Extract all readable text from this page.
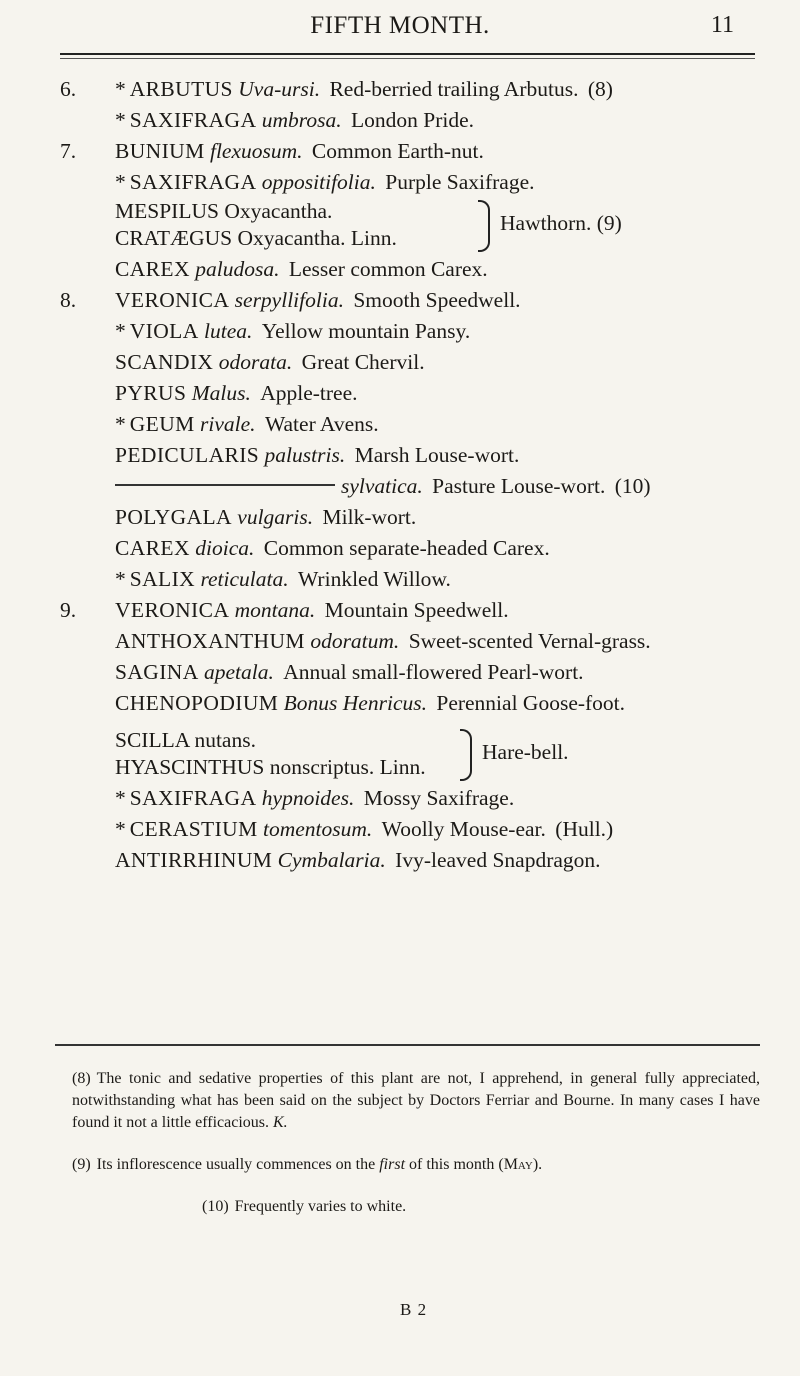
FIFTH MONTH.	11
6.	* ARBUTUS Uva-ursi. Red-berried trailing Arbutus. (8)
* SAXIFRAGA umbrosa. London Pride.
7.	BUNIUM flexuosum. Common Earth-nut.
* SAXIFRAGA oppositifolia. Purple Saxifrage.
MESPILUS Oxyacantha.
CRATÆGUS Oxyacantha. Linn.
Hawthorn. (9)
CAREX paludosa. Lesser common Carex.
8.	VERONICA serpyllifolia. Smooth Speedwell.
* VIOLA lutea. Yellow mountain Pansy.
SCANDIX odorata. Great Chervil.
PYRUS Malus. Apple-tree.
* GEUM rivale. Water Avens.
PEDICULARIS palustris. Marsh Louse-wort.
sylvatica. Pasture Louse-wort. (10)
POLYGALA vulgaris. Milk-wort.
CAREX dioica. Common separate-headed Carex.
* SALIX reticulata. Wrinkled Willow.
9.	VERONICA montana. Mountain Speedwell.
ANTHOXANTHUM odoratum. Sweet-scented Vernal-grass.
SAGINA apetala. Annual small-flowered Pearl-wort.
CHENOPODIUM Bonus Henricus. Perennial Goose-foot.
SCILLA nutans.
HYASCINTHUS nonscriptus. Linn.
Hare-bell.
* SAXIFRAGA hypnoides. Mossy Saxifrage.
* CERASTIUM tomentosum. Woolly Mouse-ear. (Hull.)
ANTIRRHINUM Cymbalaria. Ivy-leaved Snapdragon.
(8) The tonic and sedative properties of this plant are not, I apprehend, in general fully appreciated, notwithstanding what has been said on the subject by Doctors Ferriar and Bourne. In many cases I have found it not a little efficacious. K.
(9) Its inflorescence usually commences on the first of this month (May).
(10) Frequently varies to white.
B 2
